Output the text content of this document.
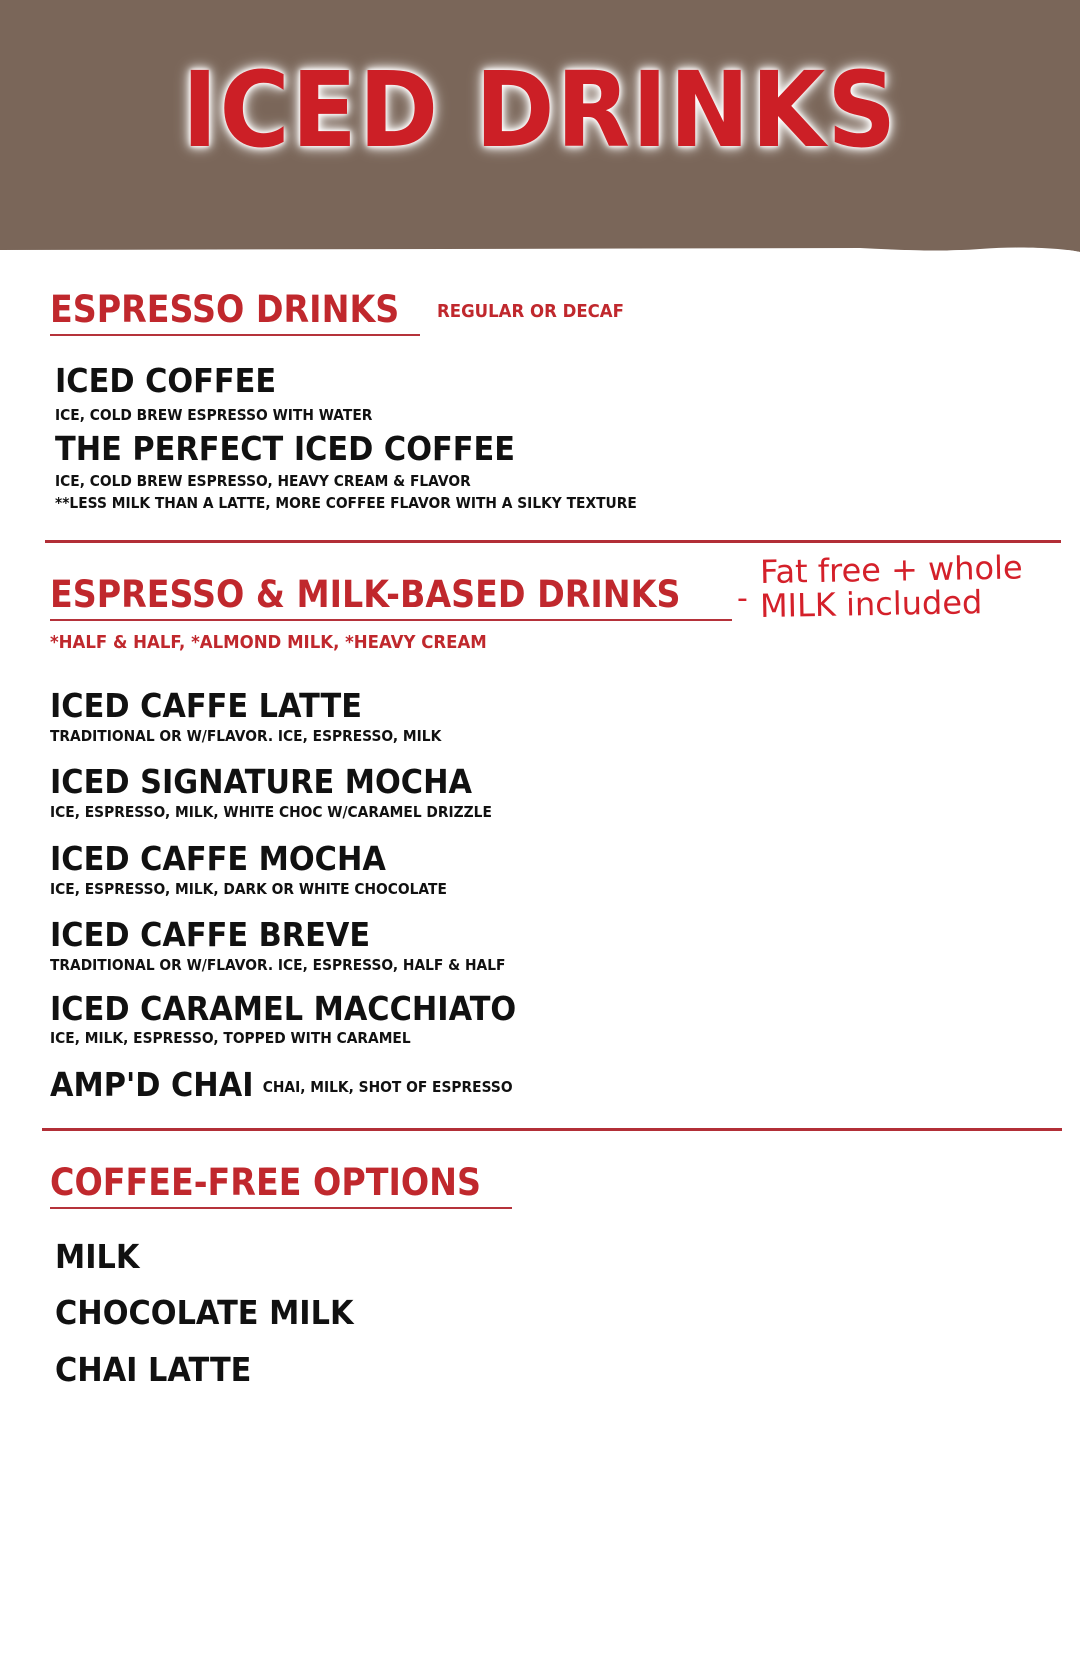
ICED DRINKS
ESPRESSO DRINKS REGULAR OR DECAF
ICED COFFEE
ICE, COLD BREW ESPRESSO WITH WATER
THE PERFECT ICED COFFEE
ICE, COLD BREW ESPRESSO, HEAVY CREAM & FLAVOR
**LESS MILK THAN A LATTE, MORE COFFEE FLAVOR WITH A SILKY TEXTURE
ESPRESSO & MILK-BASED DRINKS -
Fat free + whole
MILK included
*HALF & HALF, *ALMOND MILK, *HEAVY CREAM
ICED CAFFE LATTE
TRADITIONAL OR W/FLAVOR. ICE, ESPRESSO, MILK
ICED SIGNATURE MOCHA
ICE, ESPRESSO, MILK, WHITE CHOC W/CARAMEL DRIZZLE
ICED CAFFE MOCHA
ICE, ESPRESSO, MILK, DARK OR WHITE CHOCOLATE
ICED CAFFE BREVE
TRADITIONAL OR W/FLAVOR. ICE, ESPRESSO, HALF & HALF
ICED CARAMEL MACCHIATO
ICE, MILK, ESPRESSO, TOPPED WITH CARAMEL
AMP'D CHAI CHAI, MILK, SHOT OF ESPRESSO
COFFEE-FREE OPTIONS
MILK
CHOCOLATE MILK
CHAI LATTE
